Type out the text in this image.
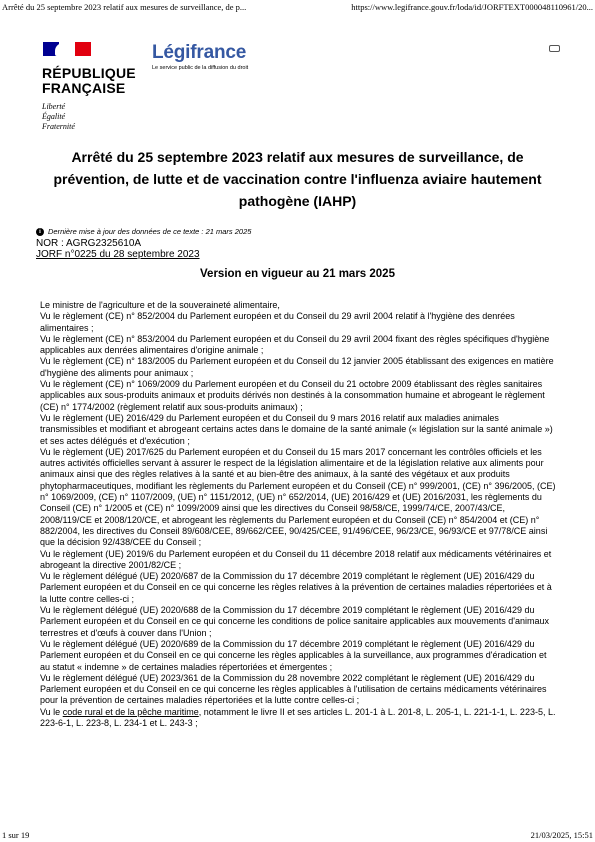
Arrêté du 25 septembre 2023 relatif aux mesures de surveillance, de p...	https://www.legifrance.gouv.fr/loda/id/JORFTEXT000048110961/20...
RÉPUBLIQUE
FRANÇAISE
Liberté
Égalité
Fraternité
Légifrance
Le service public de la diffusion du droit
Arrêté du 25 septembre 2023 relatif aux mesures de surveillance, de prévention, de lutte et de vaccination contre l'influenza aviaire hautement pathogène (IAHP)
i Dernière mise à jour des données de ce texte : 21 mars 2025
NOR : AGRG2325610A
JORF n°0225 du 28 septembre 2023
Version en vigueur au 21 mars 2025

Le ministre de l'agriculture et de la souveraineté alimentaire,

Vu le règlement (CE) n° 852/2004 du Parlement européen et du Conseil du 29 avril 2004 relatif à l'hygiène des denrées alimentaires ;

Vu le règlement (CE) n° 853/2004 du Parlement européen et du Conseil du 29 avril 2004 fixant des règles spécifiques d'hygiène applicables aux denrées alimentaires d'origine animale ;

Vu le règlement (CE) n° 183/2005 du Parlement européen et du Conseil du 12 janvier 2005 établissant des exigences en matière d'hygiène des aliments pour animaux ;

Vu le règlement (CE) n° 1069/2009 du Parlement européen et du Conseil du 21 octobre 2009 établissant des règles sanitaires applicables aux sous-produits animaux et produits dérivés non destinés à la consommation humaine et abrogeant le règlement (CE) n° 1774/2002 (règlement relatif aux sous-produits animaux) ;

Vu le règlement (UE) 2016/429 du Parlement européen et du Conseil du 9 mars 2016 relatif aux maladies animales transmissibles et modifiant et abrogeant certains actes dans le domaine de la santé animale (« législation sur la santé animale ») et ses actes délégués et d'exécution ;

Vu le règlement (UE) 2017/625 du Parlement européen et du Conseil du 15 mars 2017 concernant les contrôles officiels et les autres activités officielles servant à assurer le respect de la législation alimentaire et de la législation relative aux aliments pour animaux ainsi que des règles relatives à la santé et au bien-être des animaux, à la santé des végétaux et aux produits phytopharmaceutiques, modifiant les règlements du Parlement européen et du Conseil (CE) n° 999/2001, (CE) n° 396/2005, (CE) n° 1069/2009, (CE) n° 1107/2009, (UE) n° 1151/2012, (UE) n° 652/2014, (UE) 2016/429 et (UE) 2016/2031, les règlements du Conseil (CE) n° 1/2005 et (CE) n° 1099/2009 ainsi que les directives du Conseil 98/58/CE, 1999/74/CE, 2007/43/CE, 2008/119/CE et 2008/120/CE, et abrogeant les règlements du Parlement européen et du Conseil (CE) n° 854/2004 et (CE) n° 882/2004, les directives du Conseil 89/608/CEE, 89/662/CEE, 90/425/CEE, 91/496/CEE, 96/23/CE, 96/93/CE et 97/78/CE ainsi que la décision 92/438/CEE du Conseil ;

Vu le règlement (UE) 2019/6 du Parlement européen et du Conseil du 11 décembre 2018 relatif aux médicaments vétérinaires et abrogeant la directive 2001/82/CE ;

Vu le règlement délégué (UE) 2020/687 de la Commission du 17 décembre 2019 complétant le règlement (UE) 2016/429 du Parlement européen et du Conseil en ce qui concerne les règles relatives à la prévention de certaines maladies répertoriées et à la lutte contre celles-ci ;

Vu le règlement délégué (UE) 2020/688 de la Commission du 17 décembre 2019 complétant le règlement (UE) 2016/429 du Parlement européen et du Conseil en ce qui concerne les conditions de police sanitaire applicables aux mouvements d'animaux terrestres et d'œufs à couver dans l'Union ;

Vu le règlement délégué (UE) 2020/689 de la Commission du 17 décembre 2019 complétant le règlement (UE) 2016/429 du Parlement européen et du Conseil en ce qui concerne les règles applicables à la surveillance, aux programmes d'éradication et au statut « indemne » de certaines maladies répertoriées et émergentes ;

Vu le règlement délégué (UE) 2023/361 de la Commission du 28 novembre 2022 complétant le règlement (UE) 2016/429 du Parlement européen et du Conseil en ce qui concerne les règles applicables à l'utilisation de certains médicaments vétérinaires pour la prévention de certaines maladies répertoriées et la lutte contre celles-ci ;

Vu le code rural et de la pêche maritime, notamment le livre II et ses articles L. 201-1 à L. 201-8, L. 205-1, L. 221-1-1, L. 223-5, L. 223-6-1, L. 223-8, L. 234-1 et L. 243-3 ;

1 sur 19	21/03/2025, 15:51
